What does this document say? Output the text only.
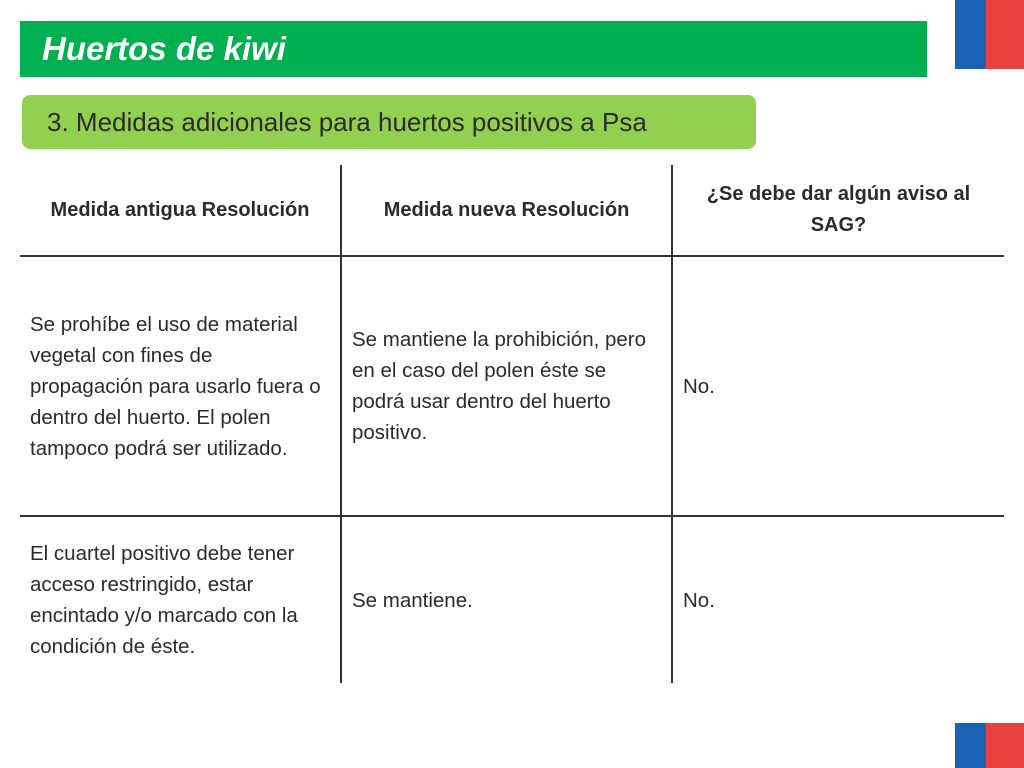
Huertos de kiwi
3. Medidas adicionales para huertos positivos a Psa
Medida antigua Resolución	Medida nueva Resolución
¿Se debe dar algún aviso al SAG?
Se prohíbe el uso de material vegetal con fines de propagación para usarlo fuera o dentro del huerto. El polen tampoco podrá ser utilizado.
Se mantiene la prohibición, pero en el caso del polen éste se podrá usar dentro del huerto positivo.
No.
El cuartel positivo debe tener acceso restringido, estar encintado y/o marcado con la condición de éste.
Se mantiene.	No.
